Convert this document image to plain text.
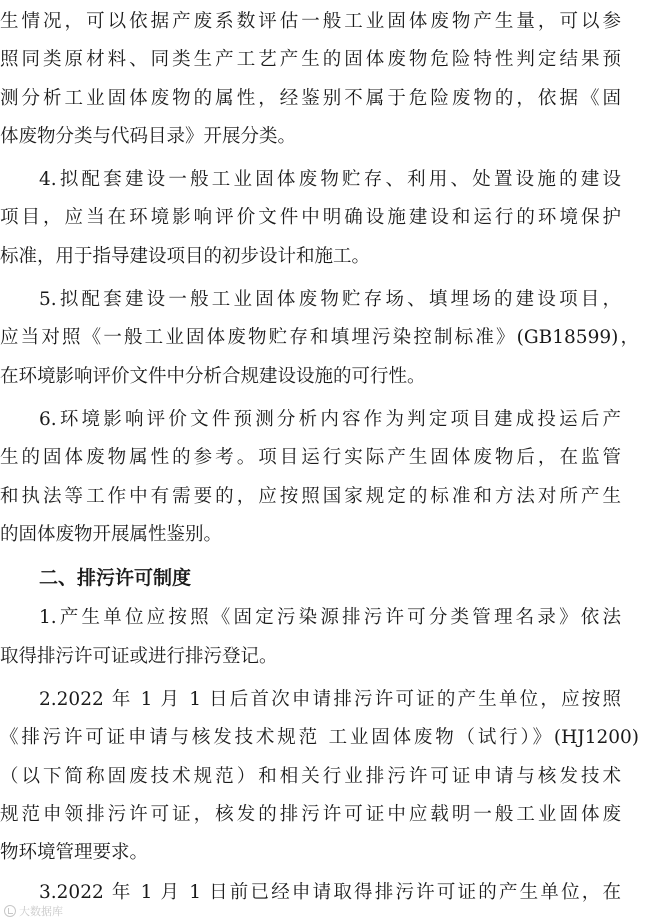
生情况，可以依据产废系数评估一般工业固体废物产生量，可以参
照同类原材料、同类生产工艺产生的固体废物危险特性判定结果预
测分析工业固体废物的属性，经鉴别不属于危险废物的，依据《固
体废物分类与代码目录》开展分类。
4.拟配套建设一般工业固体废物贮存、利用、处置设施的建设
项目，应当在环境影响评价文件中明确设施建设和运行的环境保护
标准，用于指导建设项目的初步设计和施工。
5.拟配套建设一般工业固体废物贮存场、填埋场的建设项目，
应当对照《一般工业固体废物贮存和填埋污染控制标准》(GB18599)，
在环境影响评价文件中分析合规建设设施的可行性。
6.环境影响评价文件预测分析内容作为判定项目建成投运后产
生的固体废物属性的参考。项目运行实际产生固体废物后，在监管
和执法等工作中有需要的，应按照国家规定的标准和方法对所产生
的固体废物开展属性鉴别。
二、排污许可制度
1.产生单位应按照《固定污染源排污许可分类管理名录》依法
取得排污许可证或进行排污登记。
2.2022 年 1 月 1 日后首次申请排污许可证的产生单位，应按照
《排污许可证申请与核发技术规范 工业固体废物（试行）》(HJ1200)
（以下简称固废技术规范）和相关行业排污许可证申请与核发技术
规范申领排污许可证，核发的排污许可证中应载明一般工业固体废
物环境管理要求。
3.2022 年 1 月 1 日前已经申请取得排污许可证的产生单位，在
大数据库
